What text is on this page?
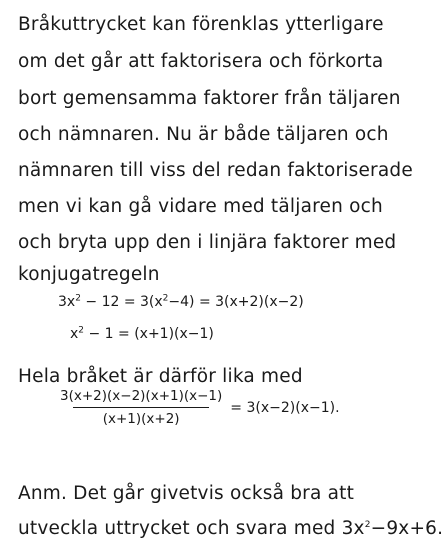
Bråkuttrycket kan förenklas ytterligare
om det går att faktorisera och förkorta
bort gemensamma faktorer från täljaren
och nämnaren. Nu är både täljaren och
nämnaren till viss del redan faktoriserade
men vi kan gå vidare med täljaren och
och bryta upp den i linjära faktorer med
konjugatregeln
$3x^2 - 12 = 3(x^2-4) = 3(x+2)(x-2)$
$x^2 - 1 = (x+1)(x-1)$
Hela bråket är därför lika med
$\frac{3(x+2)(x-2)(x+1)(x-1)}{(x+1)(x+2)} = 3(x-2)(x-1)$.
Anm. Det går givetvis också bra att
utveckla uttrycket och svara med $3x^2-9x+6$.
